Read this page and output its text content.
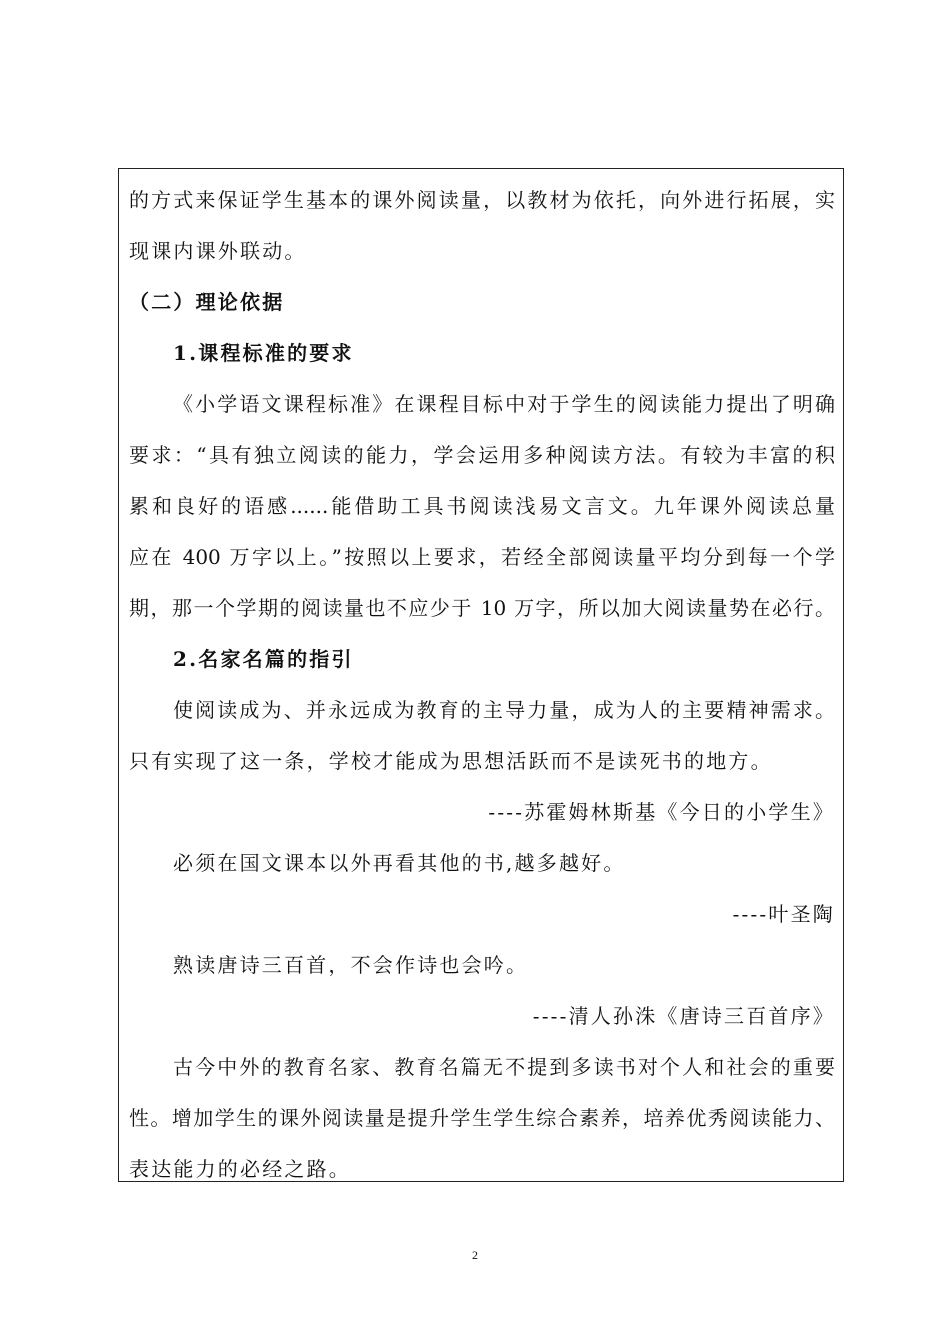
的方式来保证学生基本的课外阅读量，以教材为依托，向外进行拓展，实
现课内课外联动。
（二）理论依据
1.课程标准的要求
《小学语文课程标准》在课程目标中对于学生的阅读能力提出了明确
要求：“具有独立阅读的能力，学会运用多种阅读方法。有较为丰富的积
累和良好的语感......能借助工具书阅读浅易文言文。九年课外阅读总量
应在 400 万字以上。”按照以上要求，若经全部阅读量平均分到每一个学
期，那一个学期的阅读量也不应少于 10 万字，所以加大阅读量势在必行。
2.名家名篇的指引
使阅读成为、并永远成为教育的主导力量，成为人的主要精神需求。
只有实现了这一条，学校才能成为思想活跃而不是读死书的地方。
----苏霍姆林斯基《今日的小学生》
必须在国文课本以外再看其他的书,越多越好。
----叶圣陶
熟读唐诗三百首，不会作诗也会吟。
----清人孙洙《唐诗三百首序》
古今中外的教育名家、教育名篇无不提到多读书对个人和社会的重要
性。增加学生的课外阅读量是提升学生学生综合素养，培养优秀阅读能力、
表达能力的必经之路。
2
